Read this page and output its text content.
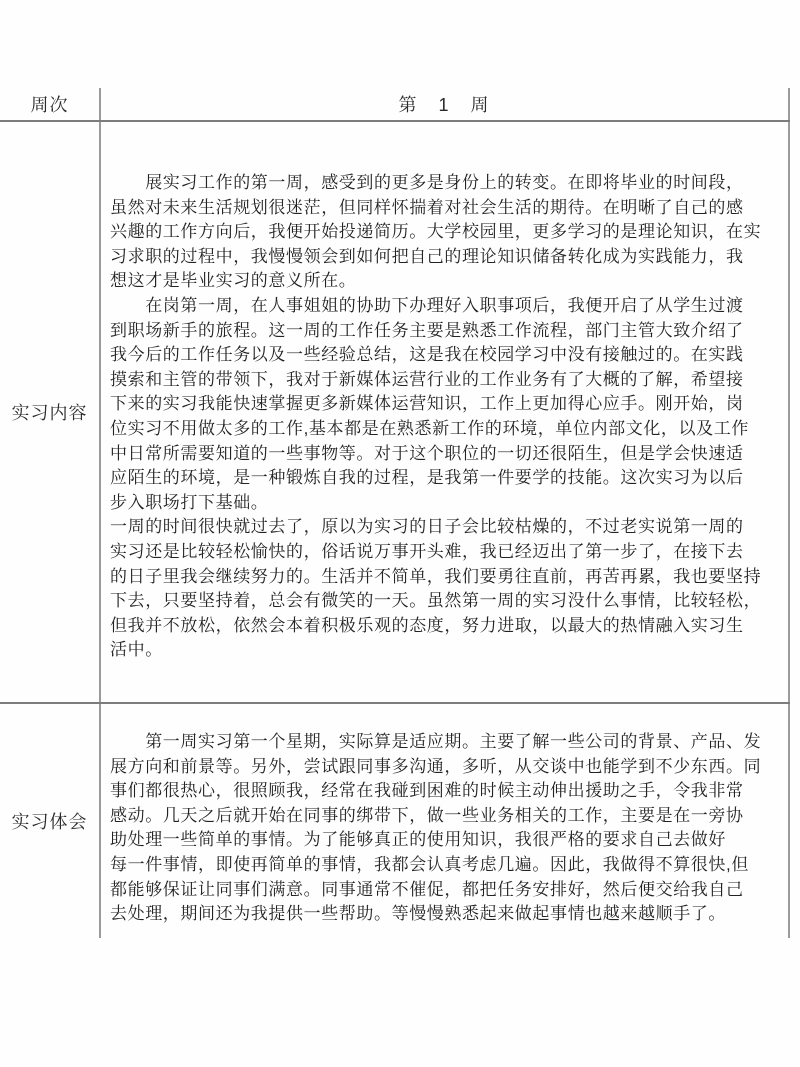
周次	第　1　周
实习内容
　　展实习工作的第一周，感受到的更多是身份上的转变。在即将毕业的时间段，
虽然对未来生活规划很迷茫，但同样怀揣着对社会生活的期待。在明晰了自己的感
兴趣的工作方向后，我便开始投递简历。大学校园里，更多学习的是理论知识，在实
习求职的过程中，我慢慢领会到如何把自己的理论知识储备转化成为实践能力，我
想这才是毕业实习的意义所在。
　　在岗第一周，在人事姐姐的协助下办理好入职事项后，我便开启了从学生过渡
到职场新手的旅程。这一周的工作任务主要是熟悉工作流程，部门主管大致介绍了
我今后的工作任务以及一些经验总结，这是我在校园学习中没有接触过的。在实践
摸索和主管的带领下，我对于新媒体运营行业的工作业务有了大概的了解，希望接
下来的实习我能快速掌握更多新媒体运营知识，工作上更加得心应手。刚开始，岗
位实习不用做太多的工作,基本都是在熟悉新工作的环境，单位内部文化，以及工作
中日常所需要知道的一些事物等。对于这个职位的一切还很陌生，但是学会快速适
应陌生的环境，是一种锻炼自我的过程，是我第一件要学的技能。这次实习为以后
步入职场打下基础。
一周的时间很快就过去了，原以为实习的日子会比较枯燥的，不过老实说第一周的
实习还是比较轻松愉快的，俗话说万事开头难，我已经迈出了第一步了，在接下去
的日子里我会继续努力的。生活并不简单，我们要勇往直前，再苦再累，我也要坚持
下去，只要坚持着，总会有微笑的一天。虽然第一周的实习没什么事情，比较轻松，
但我并不放松，依然会本着积极乐观的态度，努力进取，以最大的热情融入实习生
活中。
实习体会
　　第一周实习第一个星期，实际算是适应期。主要了解一些公司的背景、产品、发
展方向和前景等。另外，尝试跟同事多沟通，多听，从交谈中也能学到不少东西。同
事们都很热心，很照顾我，经常在我碰到困难的时候主动伸出援助之手，令我非常
感动。几天之后就开始在同事的绑带下，做一些业务相关的工作，主要是在一旁协
助处理一些简单的事情。为了能够真正的使用知识，我很严格的要求自己去做好
每一件事情，即使再简单的事情，我都会认真考虑几遍。因此，我做得不算很快,但
都能够保证让同事们满意。同事通常不催促，都把任务安排好，然后便交给我自己
去处理，期间还为我提供一些帮助。等慢慢熟悉起来做起事情也越来越顺手了。
